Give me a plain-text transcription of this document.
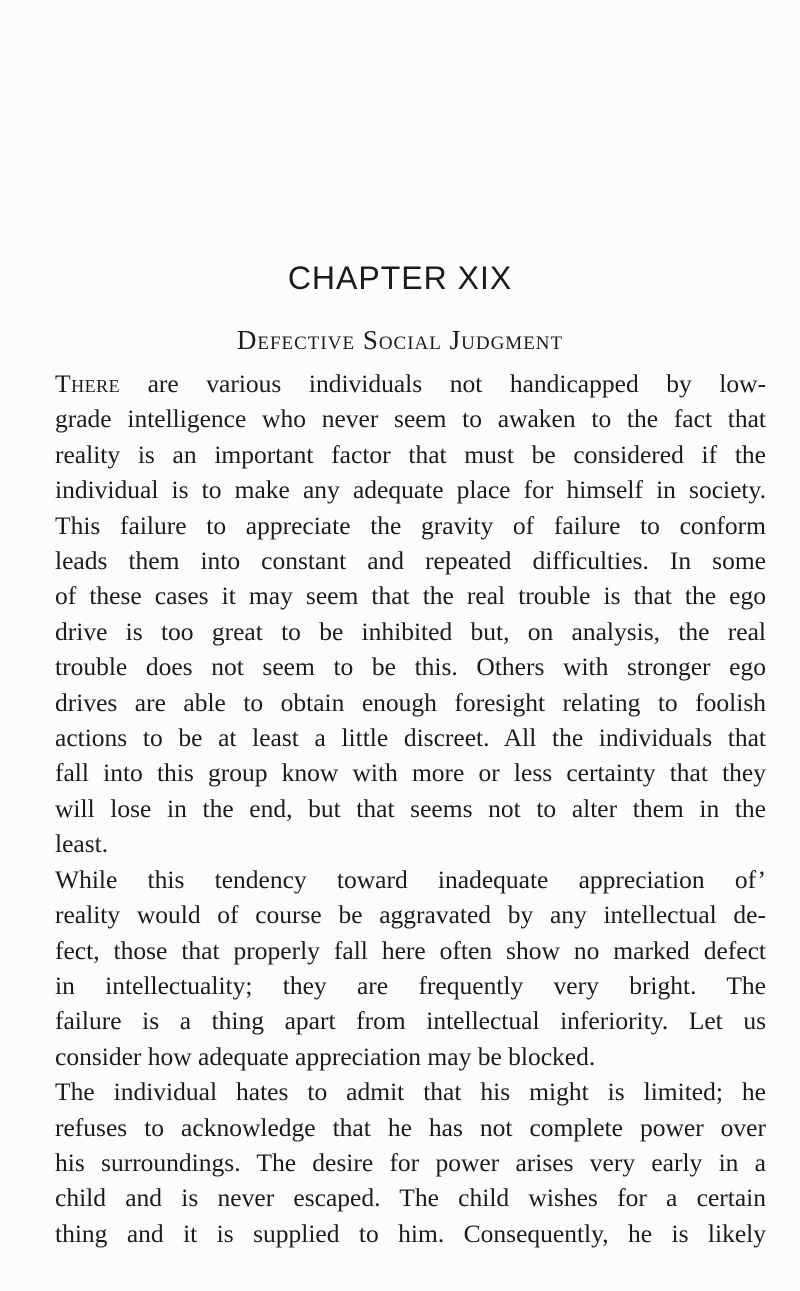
CHAPTER XIX
Defective Social Judgment
There are various individuals not handicapped by low-
grade intelligence who never seem to awaken to the fact that
reality is an important factor that must be considered if the
individual is to make any adequate place for himself in society.
This failure to appreciate the gravity of failure to conform
leads them into constant and repeated difficulties. In some
of these cases it may seem that the real trouble is that the ego
drive is too great to be inhibited but, on analysis, the real
trouble does not seem to be this. Others with stronger ego
drives are able to obtain enough foresight relating to foolish
actions to be at least a little discreet. All the individuals that
fall into this group know with more or less certainty that they
will lose in the end, but that seems not to alter them in the
least.
While this tendency toward inadequate appreciation of’
reality would of course be aggravated by any intellectual de-
fect, those that properly fall here often show no marked defect
in intellectuality; they are frequently very bright. The
failure is a thing apart from intellectual inferiority. Let us
consider how adequate appreciation may be blocked.
The individual hates to admit that his might is limited; he
refuses to acknowledge that he has not complete power over
his surroundings. The desire for power arises very early in a
child and is never escaped. The child wishes for a certain
thing and it is supplied to him. Consequently, he is likely
